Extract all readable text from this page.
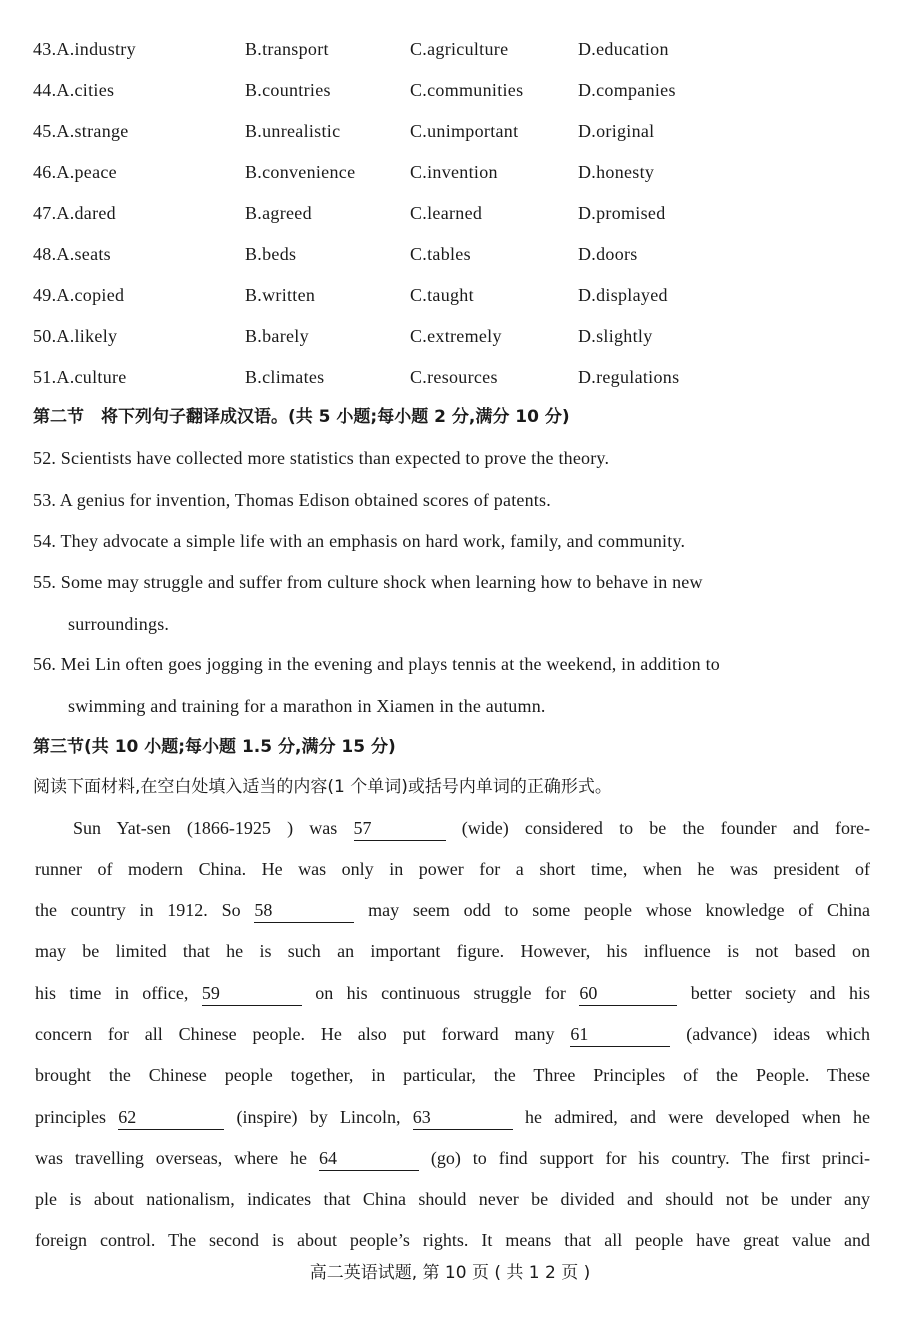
43.A.industry	B.transport	C.agriculture	D.education
44.A.cities	B.countries	C.communities	D.companies
45.A.strange	B.unrealistic	C.unimportant	D.original
46.A.peace	B.convenience	C.invention	D.honesty
47.A.dared	B.agreed	C.learned	D.promised
48.A.seats	B.beds	C.tables	D.doors
49.A.copied	B.written	C.taught	D.displayed
50.A.likely	B.barely	C.extremely	D.slightly
51.A.culture	B.climates	C.resources	D.regulations
第二节　将下列句子翻译成汉语。(共 5 小题;每小题 2 分,满分 10 分)
52. Scientists have collected more statistics than expected to prove the theory.
53. A genius for invention, Thomas Edison obtained scores of patents.
54. They advocate a simple life with an emphasis on hard work, family, and community.
55. Some may struggle and suffer from culture shock when learning how to behave in new
surroundings.
56. Mei Lin often goes jogging in the evening and plays tennis at the weekend, in addition to
swimming and training for a marathon in Xiamen in the autumn.
第三节(共 10 小题;每小题 1.5 分,满分 15 分)
阅读下面材料,在空白处填入适当的内容(1 个单词)或括号内单词的正确形式。
Sun Yat-sen (1866-1925 ) was 57	(wide) considered to be the founder and fore-
runner of modern China. He was only in power for a short time, when he was president of
the country in 1912. So 58	may seem odd to some people whose knowledge of China
may be limited that he is such an important figure. However, his influence is not based on
his time in office, 59	on his continuous struggle for 60	better society and his
concern for all Chinese people. He also put forward many 61	(advance) ideas which
brought the Chinese people together, in particular, the Three Principles of the People. These
principles 62	(inspire) by Lincoln, 63	he admired, and were developed when he
was travelling overseas, where he 64	(go) to find support for his country. The first princi-
ple is about nationalism, indicates that China should never be divided and should not be under any
foreign control. The second is about people’s rights. It means that all people have great value and
高二英语试题, 第 10 页 ( 共 1 2 页 )
